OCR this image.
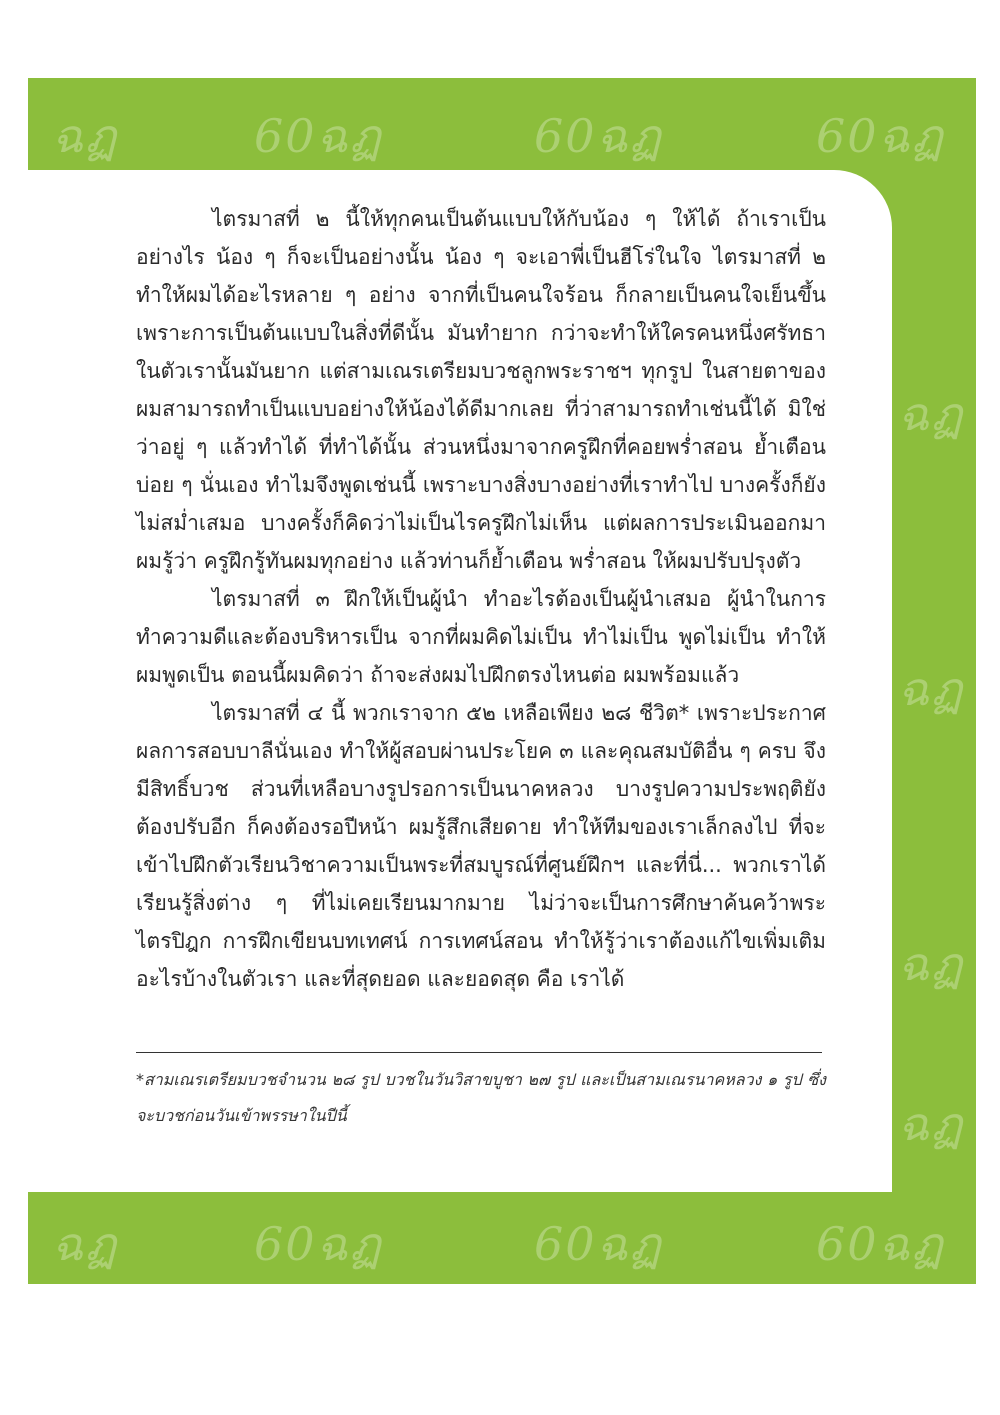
ฉฏ	60ฉฏ	60ฉฏ	60ฉฏ
ฉฏ
ฉฏ
ฉฏ
ฉฏ
ฉฏ	60ฉฏ	60ฉฏ	60ฉฏ

ไตรมาสที่ ๒ นี้ให้ทุกคนเป็นต้นแบบให้กับน้อง ๆ ให้ได้ ถ้าเราเป็นอย่างไร น้อง ๆ ก็จะเป็นอย่างนั้น น้อง ๆ จะเอาพี่เป็นฮีโร่ในใจ ไตรมาสที่ ๒ ทำให้ผมได้อะไรหลาย ๆ อย่าง จากที่เป็นคนใจร้อน ก็กลายเป็นคนใจเย็นขึ้น เพราะการเป็นต้นแบบในสิ่งที่ดีนั้น มันทำยาก กว่าจะทำให้ใครคนหนึ่งศรัทธาในตัวเรานั้นมันยาก แต่สามเณรเตรียมบวชลูกพระราชฯ ทุกรูป ในสายตาของผมสามารถทำเป็นแบบอย่างให้น้องได้ดีมากเลย ที่ว่าสามารถทำเช่นนี้ได้ มิใช่ว่าอยู่ ๆ แล้วทำได้ ที่ทำได้นั้น ส่วนหนึ่งมาจากครูฝึกที่คอยพร่ำสอน ย้ำเตือนบ่อย ๆ นั่นเอง ทำไมจึงพูดเช่นนี้ เพราะบางสิ่งบางอย่างที่เราทำไป บางครั้งก็ยังไม่สม่ำเสมอ บางครั้งก็คิดว่าไม่เป็นไรครูฝึกไม่เห็น แต่ผลการประเมินออกมาผมรู้ว่า ครูฝึกรู้ทันผมทุกอย่าง แล้วท่านก็ย้ำเตือน พร่ำสอน ให้ผมปรับปรุงตัว

ไตรมาสที่ ๓ ฝึกให้เป็นผู้นำ ทำอะไรต้องเป็นผู้นำเสมอ ผู้นำในการทำความดีและต้องบริหารเป็น จากที่ผมคิดไม่เป็น ทำไม่เป็น พูดไม่เป็น ทำให้ผมพูดเป็น ตอนนี้ผมคิดว่า ถ้าจะส่งผมไปฝึกตรงไหนต่อ ผมพร้อมแล้ว

ไตรมาสที่ ๔ นี้ พวกเราจาก ๕๒ เหลือเพียง ๒๘ ชีวิต* เพราะประกาศผลการสอบบาลีนั่นเอง ทำให้ผู้สอบผ่านประโยค ๓ และคุณสมบัติอื่น ๆ ครบ จึงมีสิทธิ์บวช ส่วนที่เหลือบางรูปรอการเป็นนาคหลวง บางรูปความประพฤติยังต้องปรับอีก ก็คงต้องรอปีหน้า ผมรู้สึกเสียดาย ทำให้ทีมของเราเล็กลงไป ที่จะเข้าไปฝึกตัวเรียนวิชาความเป็นพระที่สมบูรณ์ที่ศูนย์ฝึกฯ และที่นี่... พวกเราได้เรียนรู้สิ่งต่าง ๆ ที่ไม่เคยเรียนมากมาย ไม่ว่าจะเป็นการศึกษาค้นคว้าพระไตรปิฎก การฝึกเขียนบทเทศน์ การเทศน์สอน ทำให้รู้ว่าเราต้องแก้ไขเพิ่มเติมอะไรบ้างในตัวเรา และที่สุดยอด และยอดสุด คือ เราได้

*สามเณรเตรียมบวชจำนวน ๒๘ รูป บวชในวันวิสาขบูชา ๒๗ รูป และเป็นสามเณรนาคหลวง ๑ รูป ซึ่งจะบวชก่อนวันเข้าพรรษาในปีนี้
